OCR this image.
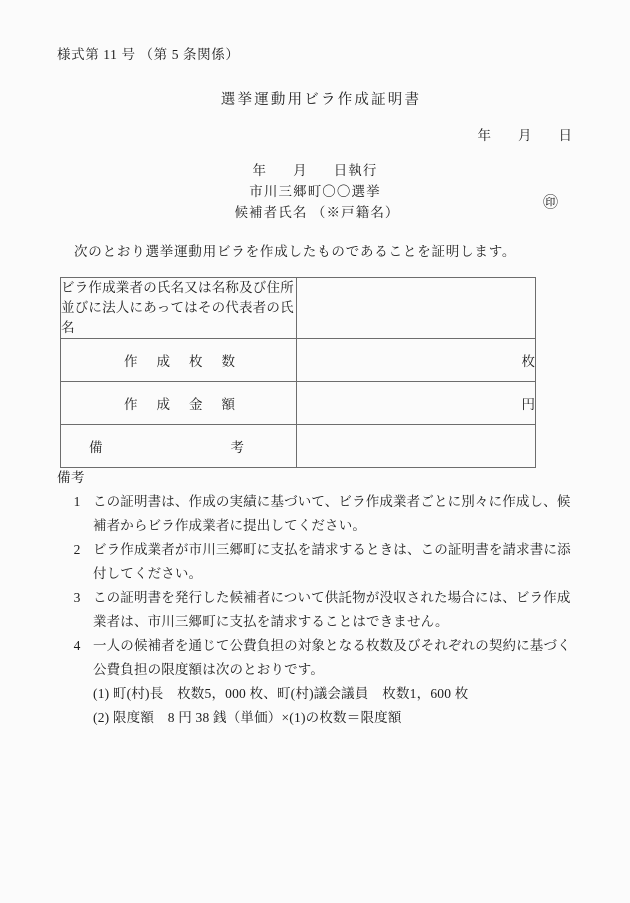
様式第 11 号 （第 5 条関係）
選挙運動用ビラ作成証明書
年 月 日
年 月 日執行
市川三郷町〇〇選挙
候補者氏名 （※戸籍名）
㊞
次のとおり選挙運動用ビラを作成したものであることを証明します。
ビラ作成業者の氏名又は名称及び住所 並びに法人にあってはその代表者の氏 名	
作成枚数	枚
作成金額	円

備 考	

備考
1 この証明書は、作成の実績に基づいて、ビラ作成業者ごとに別々に作成し、候
補者からビラ作成業者に提出してください。
2 ビラ作成業者が市川三郷町に支払を請求するときは、この証明書を請求書に添
付してください。
3 この証明書を発行した候補者について供託物が没収された場合には、ビラ作成
業者は、市川三郷町に支払を請求することはできません。
4 一人の候補者を通じて公費負担の対象となる枚数及びそれぞれの契約に基づく
公費負担の限度額は次のとおりです。
(1) 町(村)長　枚数5，000 枚、町(村)議会議員　枚数1，600 枚
(2) 限度額　8 円 38 銭（単価）×(1)の枚数＝限度額
